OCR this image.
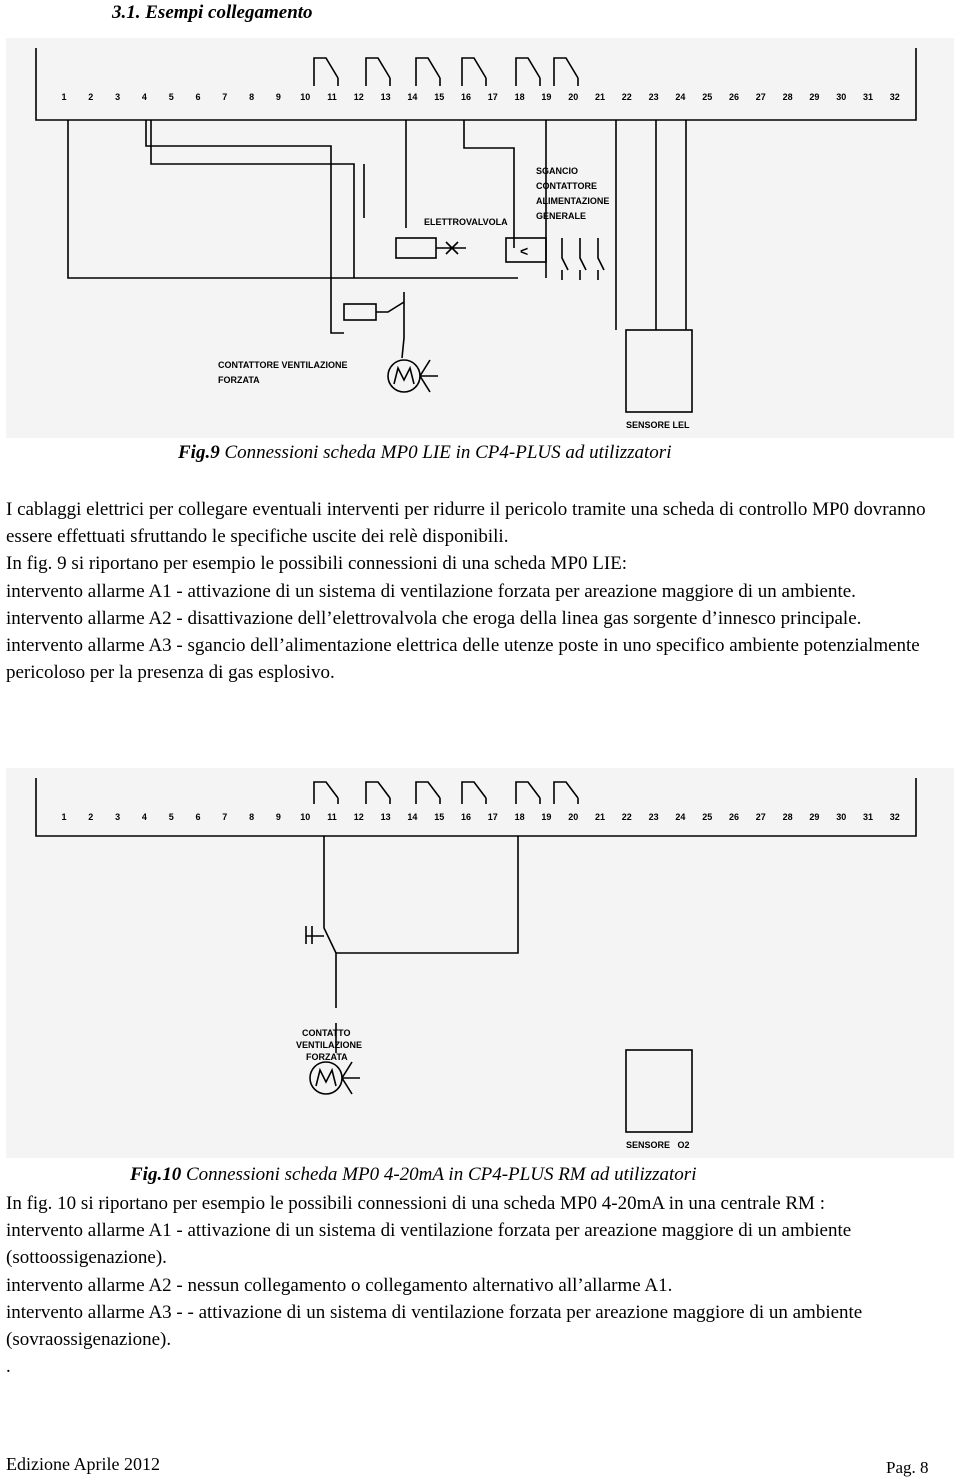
3.1. Esempi collegamento
1 2 3 4 5 6 7 8 9 10 11 12 13 14 15 16 17 18 19 20 21 22 23 24 25 26 27 28 29 30 31 32
<
SGANCIO
CONTATTORE
ALIMENTAZIONE
GENERALE
ELETTROVALVOLA
CONTATTORE VENTILAZIONE
FORZATA
SENSORE LEL
Fig.9 Connessioni scheda MP0 LIE in CP4-PLUS ad utilizzatori

I cablaggi elettrici per collegare eventuali interventi per ridurre il pericolo tramite una scheda di controllo MP0 dovranno essere effettuati sfruttando le specifiche uscite dei relè disponibili.

In fig. 9 si riportano per esempio le possibili connessioni di una scheda MP0 LIE:

intervento allarme A1 - attivazione di un sistema di ventilazione forzata per areazione maggiore di un ambiente.

intervento allarme A2 - disattivazione dell’elettrovalvola che eroga della linea gas sorgente d’innesco principale.

intervento allarme A3 - sgancio dell’alimentazione elettrica delle utenze poste in uno specifico ambiente potenzialmente pericoloso per la presenza di gas esplosivo.

1 2 3 4 5 6 7 8 9 10 11 12 13 14 15 16 17 18 19 20 21 22 23 24 25 26 27 28 29 30 31 32
CONTATTO
VENTILAZIONE
FORZATA
SENSORE   O2
Fig.10 Connessioni scheda MP0 4-20mA in CP4-PLUS RM ad utilizzatori

In fig. 10 si riportano per esempio le possibili connessioni di una scheda MP0 4-20mA in una centrale RM :

intervento allarme A1 - attivazione di un sistema di ventilazione forzata per areazione maggiore di un ambiente (sottoossigenazione).

intervento allarme A2 - nessun collegamento o collegamento alternativo all’allarme A1.

intervento allarme A3 - - attivazione di un sistema di ventilazione forzata per areazione maggiore di un ambiente (sovraossigenazione).

.

Edizione Aprile 2012	Pag. 8
